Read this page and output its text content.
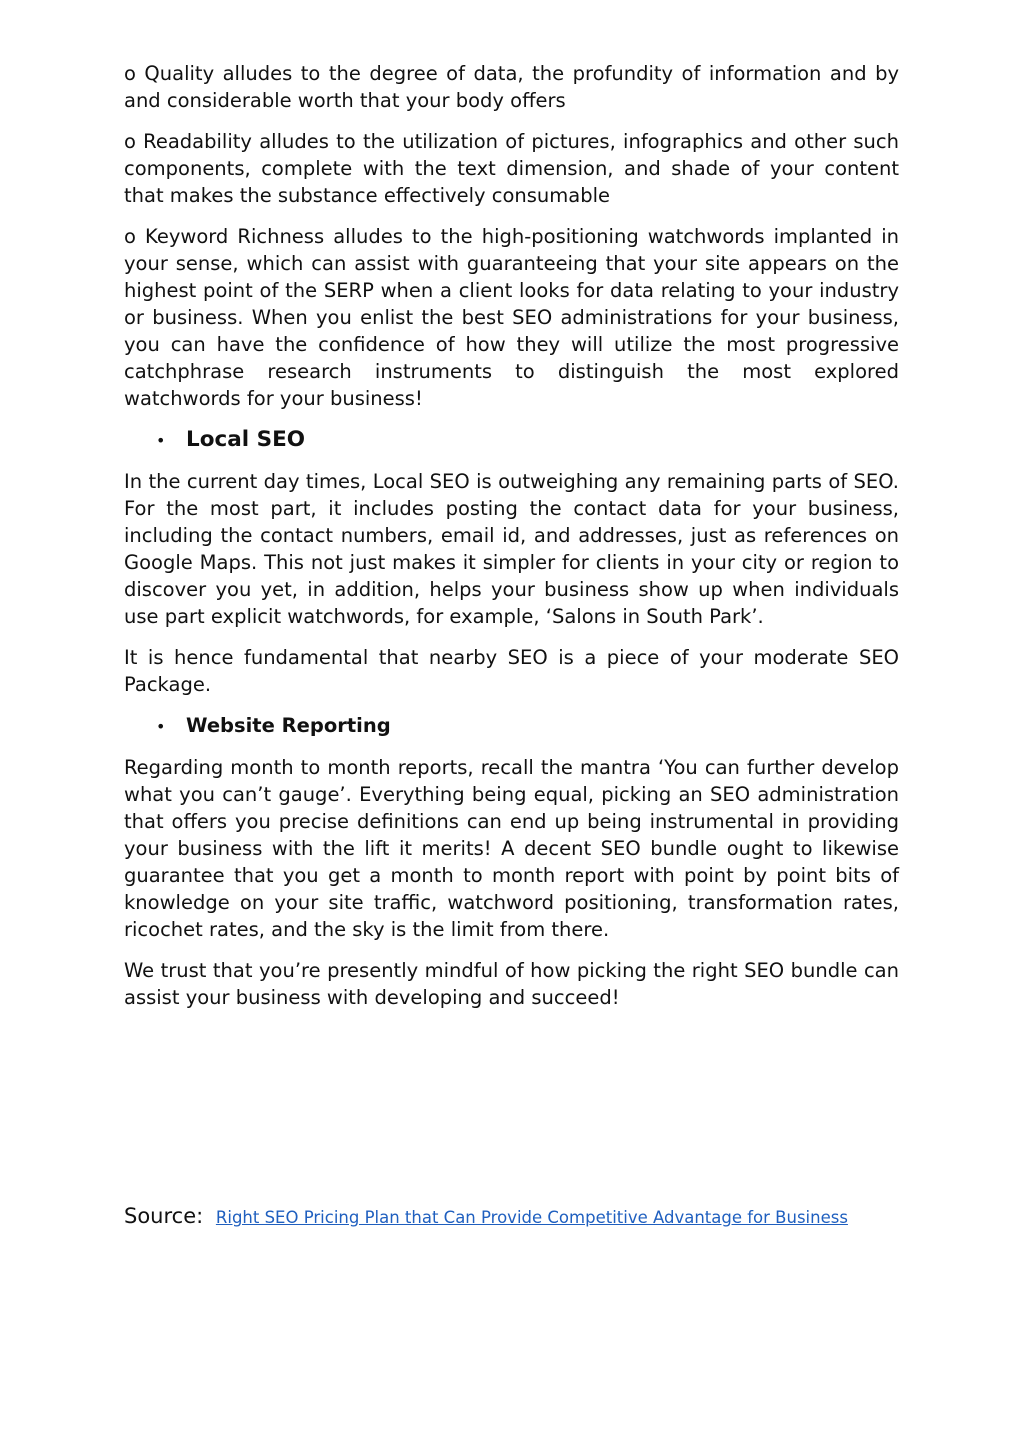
o Quality alludes to the degree of data, the profundity of information and by and considerable worth that your body offers

o Readability alludes to the utilization of pictures, infographics and other such components, complete with the text dimension, and shade of your content that makes the substance effectively consumable

o Keyword Richness alludes to the high-positioning watchwords implanted in your sense, which can assist with guaranteeing that your site appears on the highest point of the SERP when a client looks for data relating to your industry or business. When you enlist the best SEO administrations for your business, you can have the confidence of how they will utilize the most progressive catchphrase research instruments to distinguish the most explored watchwords for your business!

• Local SEO

In the current day times, Local SEO is outweighing any remaining parts of SEO. For the most part, it includes posting the contact data for your business, including the contact numbers, email id, and addresses, just as references on Google Maps. This not just makes it simpler for clients in your city or region to discover you yet, in addition, helps your business show up when individuals use part explicit watchwords, for example, ‘Salons in South Park’.

It is hence fundamental that nearby SEO is a piece of your moderate SEO Package.

•	Website Reporting

Regarding month to month reports, recall the mantra ‘You can further develop what you can’t gauge’. Everything being equal, picking an SEO administration that offers you precise definitions can end up being instrumental in providing your business with the lift it merits! A decent SEO bundle ought to likewise guarantee that you get a month to month report with point by point bits of knowledge on your site traffic, watchword positioning, transformation rates, ricochet rates, and the sky is the limit from there.

We trust that you’re presently mindful of how picking the right SEO bundle can assist your business with developing and succeed!

Source: Right SEO Pricing Plan that Can Provide Competitive Advantage for Business
